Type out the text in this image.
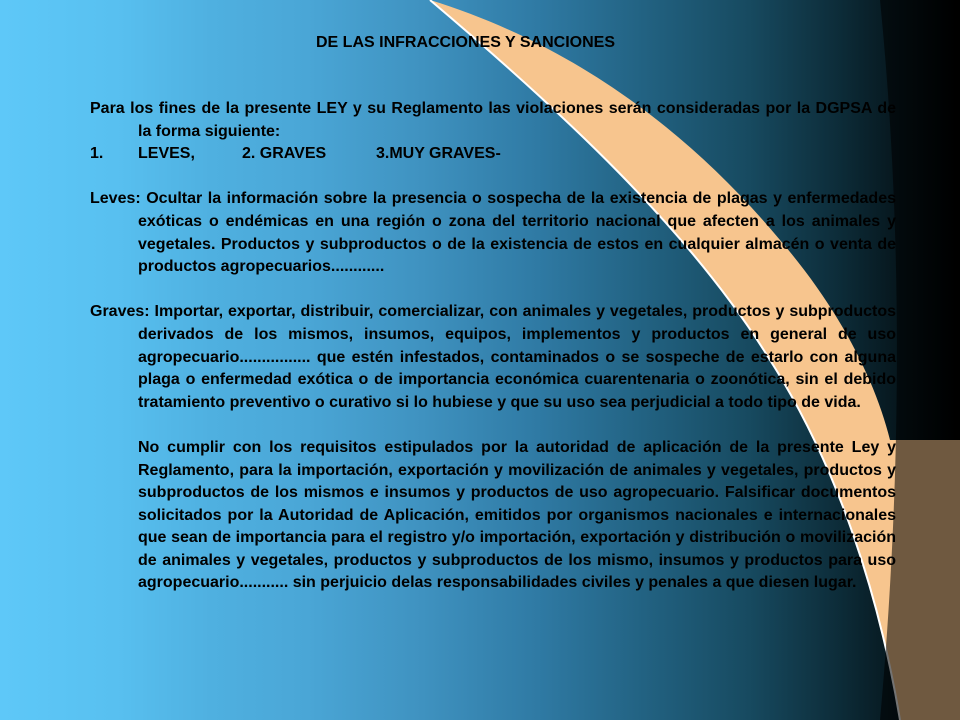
DE LAS INFRACCIONES Y SANCIONES

Para los fines de la presente LEY y su Reglamento las violaciones serán consideradas por la DGPSA de la forma siguiente:

1. LEVES,	2. GRAVES	3.MUY GRAVES-

Leves: Ocultar la información sobre la presencia o sospecha de la existencia de plagas y enfermedades exóticas o endémicas en una región o zona del territorio nacional que afecten a los animales y vegetales. Productos y subproductos o de la existencia de estos en cualquier almacén o venta de productos agropecuarios............

Graves: Importar, exportar, distribuir, comercializar, con animales y vegetales, productos y subproductos derivados de los mismos, insumos, equipos, implementos y productos en general de uso agropecuario................ que estén infestados, contaminados o se sospeche de estarlo con alguna plaga o enfermedad exótica o de importancia económica cuarentenaria o zoonótica, sin el debido tratamiento preventivo o curativo si lo hubiese y que su uso sea perjudicial a todo tipo de vida.

No cumplir con los requisitos estipulados por la autoridad de aplicación de la presente Ley y Reglamento, para la importación, exportación y movilización de animales y vegetales, productos y subproductos de los mismos e insumos y productos de uso agropecuario. Falsificar documentos solicitados por la Autoridad de Aplicación, emitidos por organismos nacionales e internacionales que sean de importancia para el registro y/o importación, exportación y distribución o movilización de animales y vegetales, productos y subproductos de los mismo, insumos y productos para uso agropecuario........... sin perjuicio delas responsabilidades civiles y penales a que diesen lugar.
